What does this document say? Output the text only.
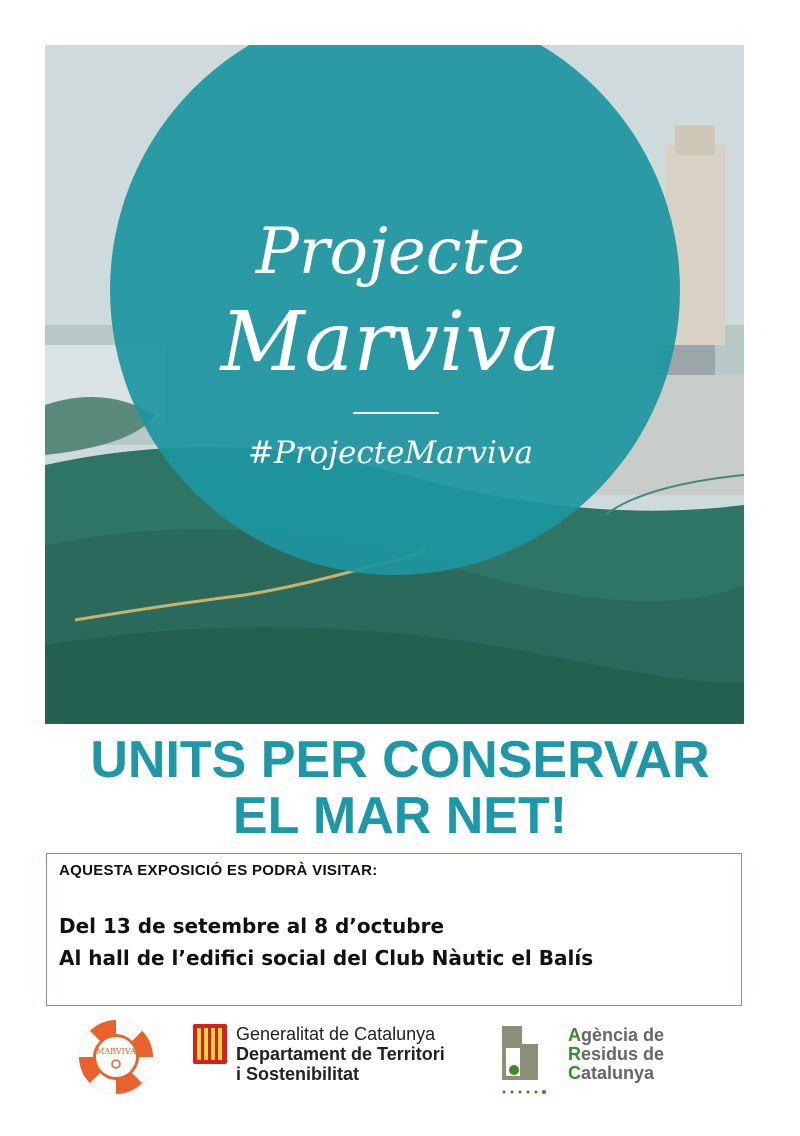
Projecte
Marviva
#ProjecteMarviva
UNITS PER CONSERVAR
EL MAR NET!
AQUESTA EXPOSICIÓ ES PODRÀ VISITAR:
Del 13 de setembre al 8 d’octubre
Al hall de l’edifici social del Club Nàutic el Balís
MARVIVA
Generalitat de Catalunya
Departament de Territori
i Sostenibilitat
Agència de
Residus de
Catalunya
